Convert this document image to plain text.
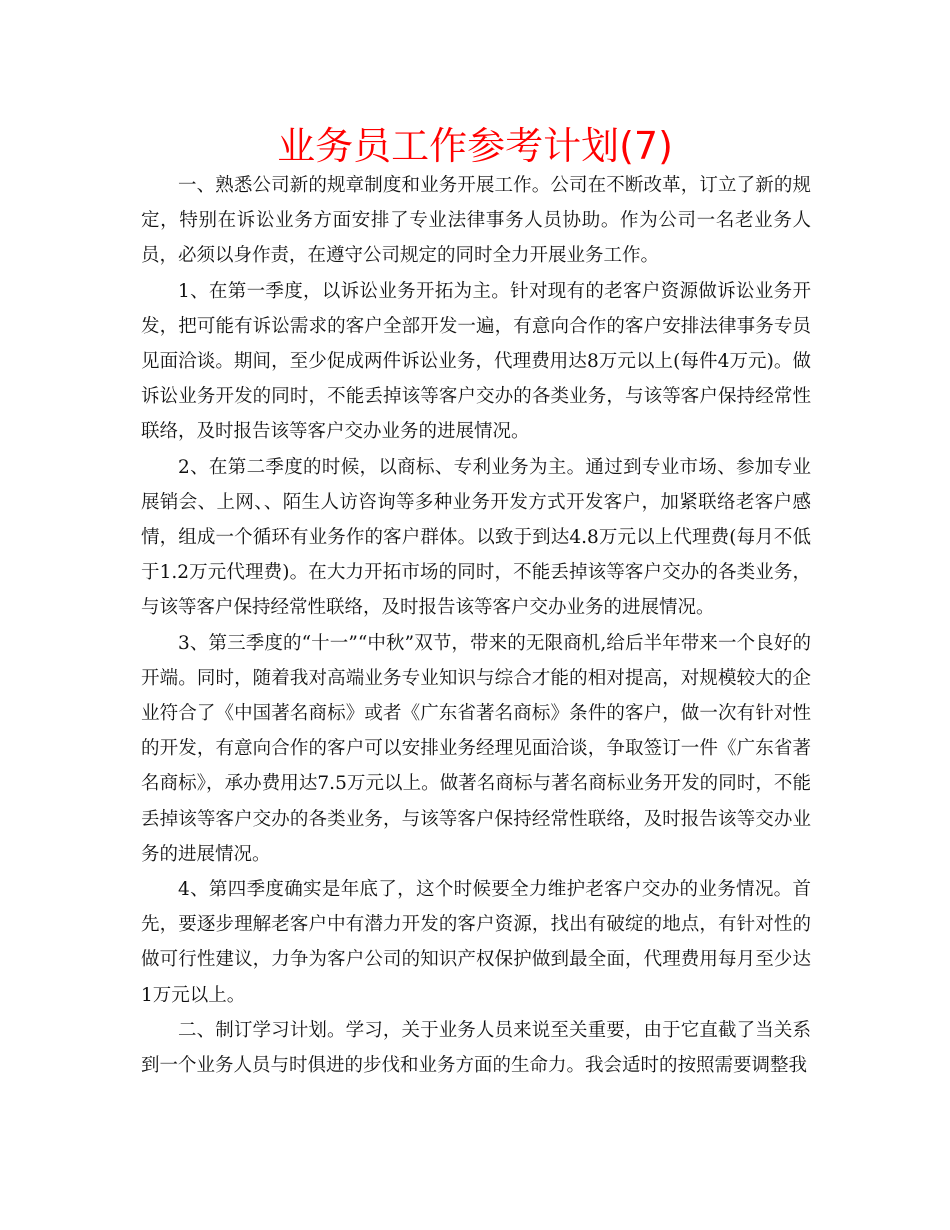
业务员工作参考计划(7)

一、熟悉公司新的规章制度和业务开展工作。公司在不断改革，订立了新的规定，特别在诉讼业务方面安排了专业法律事务人员协助。作为公司一名老业务人员，必须以身作责，在遵守公司规定的同时全力开展业务工作。

1、在第一季度，以诉讼业务开拓为主。针对现有的老客户资源做诉讼业务开发，把可能有诉讼需求的客户全部开发一遍，有意向合作的客户安排法律事务专员见面洽谈。期间，至少促成两件诉讼业务，代理费用达8万元以上(每件4万元)。做诉讼业务开发的同时，不能丢掉该等客户交办的各类业务，与该等客户保持经常性联络，及时报告该等客户交办业务的进展情况。

2、在第二季度的时候，以商标、专利业务为主。通过到专业市场、参加专业展销会、上网、、陌生人访咨询等多种业务开发方式开发客户，加紧联络老客户感情，组成一个循环有业务作的客户群体。以致于到达4.8万元以上代理费(每月不低于1.2万元代理费)。在大力开拓市场的同时，不能丢掉该等客户交办的各类业务，与该等客户保持经常性联络，及时报告该等客户交办业务的进展情况。

3、第三季度的“十一”“中秋”双节，带来的无限商机,给后半年带来一个良好的开端。同时，随着我对高端业务专业知识与综合才能的相对提高，对规模较大的企业符合了《中国著名商标》或者《广东省著名商标》条件的客户，做一次有针对性的开发，有意向合作的客户可以安排业务经理见面洽谈，争取签订一件《广东省著名商标》，承办费用达7.5万元以上。做著名商标与著名商标业务开发的同时，不能丢掉该等客户交办的各类业务，与该等客户保持经常性联络，及时报告该等交办业务的进展情况。

4、第四季度确实是年底了，这个时候要全力维护老客户交办的业务情况。首先，要逐步理解老客户中有潜力开发的客户资源，找出有破绽的地点，有针对性的做可行性建议，力争为客户公司的知识产权保护做到最全面，代理费用每月至少达1万元以上。

二、制订学习计划。学习，关于业务人员来说至关重要，由于它直截了当关系到一个业务人员与时俱进的步伐和业务方面的生命力。我会适时的按照需要调整我
